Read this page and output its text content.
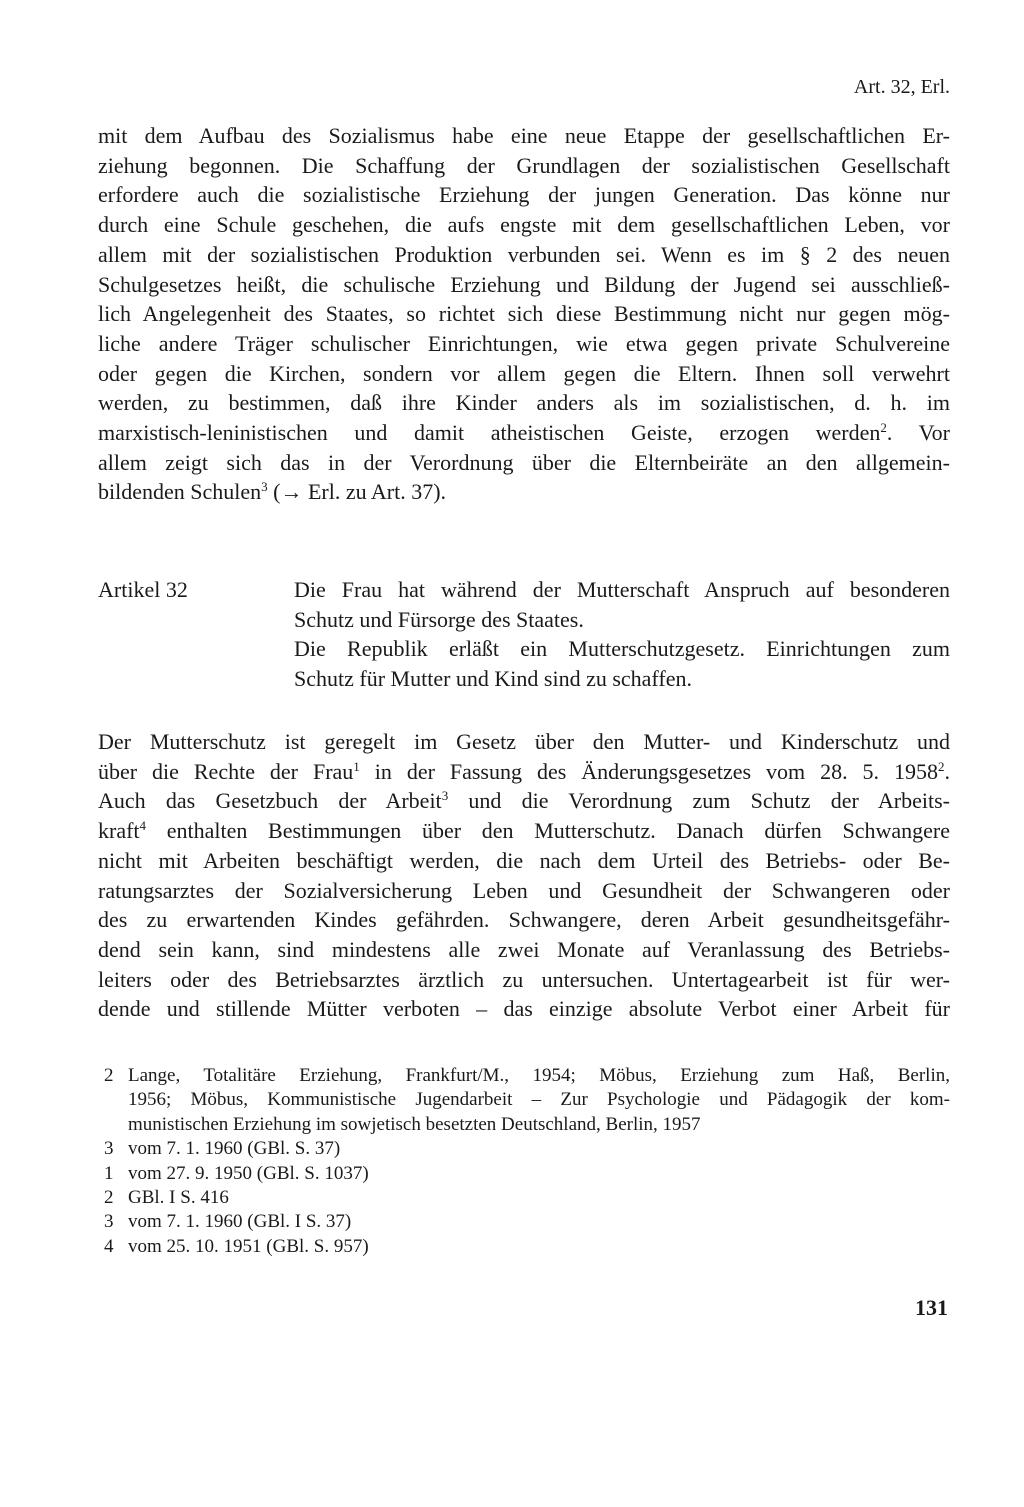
Art. 32, Erl.
mit dem Aufbau des Sozialismus habe eine neue Etappe der gesellschaftlichen Er-
ziehung begonnen. Die Schaffung der Grundlagen der sozialistischen Gesellschaft
erfordere auch die sozialistische Erziehung der jungen Generation. Das könne nur
durch eine Schule geschehen, die aufs engste mit dem gesellschaftlichen Leben, vor
allem mit der sozialistischen Produktion verbunden sei. Wenn es im § 2 des neuen
Schulgesetzes heißt, die schulische Erziehung und Bildung der Jugend sei ausschließ-
lich Angelegenheit des Staates, so richtet sich diese Bestimmung nicht nur gegen mög-
liche andere Träger schulischer Einrichtungen, wie etwa gegen private Schulvereine
oder gegen die Kirchen, sondern vor allem gegen die Eltern. Ihnen soll verwehrt
werden, zu bestimmen, daß ihre Kinder anders als im sozialistischen, d. h. im
marxistisch-leninistischen und damit atheistischen Geiste, erzogen werden$^2$. Vor
allem zeigt sich das in der Verordnung über die Elternbeiräte an den allgemein-
bildenden Schulen$^3$ (→ Erl. zu Art. 37).
Artikel 32	Die Frau hat während der Mutterschaft Anspruch auf besonderen
Schutz und Fürsorge des Staates.
Die Republik erläßt ein Mutterschutzgesetz. Einrichtungen zum
Schutz für Mutter und Kind sind zu schaffen.
Der Mutterschutz ist geregelt im Gesetz über den Mutter- und Kinderschutz und
über die Rechte der Frau$^1$ in der Fassung des Änderungsgesetzes vom 28. 5. 1958$^2$.
Auch das Gesetzbuch der Arbeit$^3$ und die Verordnung zum Schutz der Arbeits-
kraft$^4$ enthalten Bestimmungen über den Mutterschutz. Danach dürfen Schwangere
nicht mit Arbeiten beschäftigt werden, die nach dem Urteil des Betriebs- oder Be-
ratungsarztes der Sozialversicherung Leben und Gesundheit der Schwangeren oder
des zu erwartenden Kindes gefährden. Schwangere, deren Arbeit gesundheitsgefähr-
dend sein kann, sind mindestens alle zwei Monate auf Veranlassung des Betriebs-
leiters oder des Betriebsarztes ärztlich zu untersuchen. Untertagearbeit ist für wer-
dende und stillende Mütter verboten – das einzige absolute Verbot einer Arbeit für
2 Lange, Totalitäre Erziehung, Frankfurt/M., 1954; Möbus, Erziehung zum Haß, Berlin,
1956; Möbus, Kommunistische Jugendarbeit – Zur Psychologie und Pädagogik der kom-
munistischen Erziehung im sowjetisch besetzten Deutschland, Berlin, 1957
3 vom 7. 1. 1960 (GBl. S. 37)
1 vom 27. 9. 1950 (GBl. S. 1037)
2 GBl. I S. 416
3 vom 7. 1. 1960 (GBl. I S. 37)
4 vom 25. 10. 1951 (GBl. S. 957)
131
